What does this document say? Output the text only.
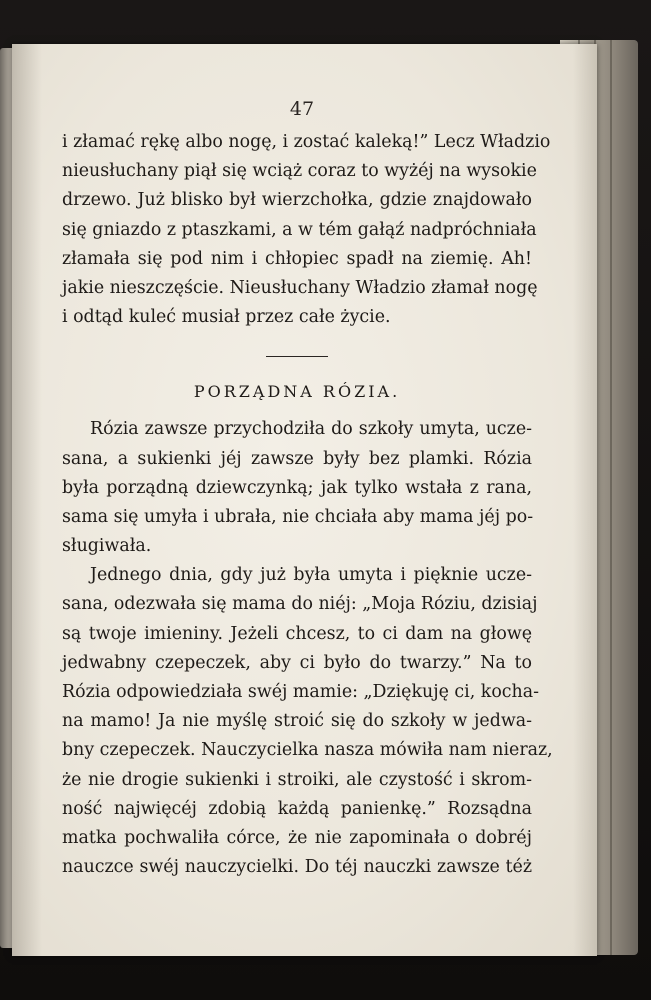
47
i złamać rękę albo nogę, i zostać kaleką!” Lecz Władzio
nieusłuchany piął się wciąż coraz to wyżéj na wysokie
drzewo. Już blisko był wierzchołka, gdzie znajdowało
się gniazdo z ptaszkami, a w tém gałąź nadpróchniała
złamała się pod nim i chłopiec spadł na ziemię. Ah!
jakie nieszczęście. Nieusłuchany Władzio złamał nogę
i odtąd kuleć musiał przez całe życie.
PORZĄDNA RÓZIA.
Rózia zawsze przychodziła do szkoły umyta, ucze-
sana, a sukienki jéj zawsze były bez plamki. Rózia
była porządną dziewczynką; jak tylko wstała z rana,
sama się umyła i ubrała, nie chciała aby mama jéj po-
sługiwała.
Jednego dnia, gdy już była umyta i pięknie ucze-
sana, odezwała się mama do niéj: „Moja Róziu, dzisiaj
są twoje imieniny. Jeżeli chcesz, to ci dam na głowę
jedwabny czepeczek, aby ci było do twarzy.” Na to
Rózia odpowiedziała swéj mamie: „Dziękuję ci, kocha-
na mamo! Ja nie myślę stroić się do szkoły w jedwa-
bny czepeczek. Nauczycielka nasza mówiła nam nieraz,
że nie drogie sukienki i stroiki, ale czystość i skrom-
ność najwięcéj zdobią każdą panienkę.” Rozsądna
matka pochwaliła córce, że nie zapominała o dobréj
nauczce swéj nauczycielki. Do téj nauczki zawsze téż
